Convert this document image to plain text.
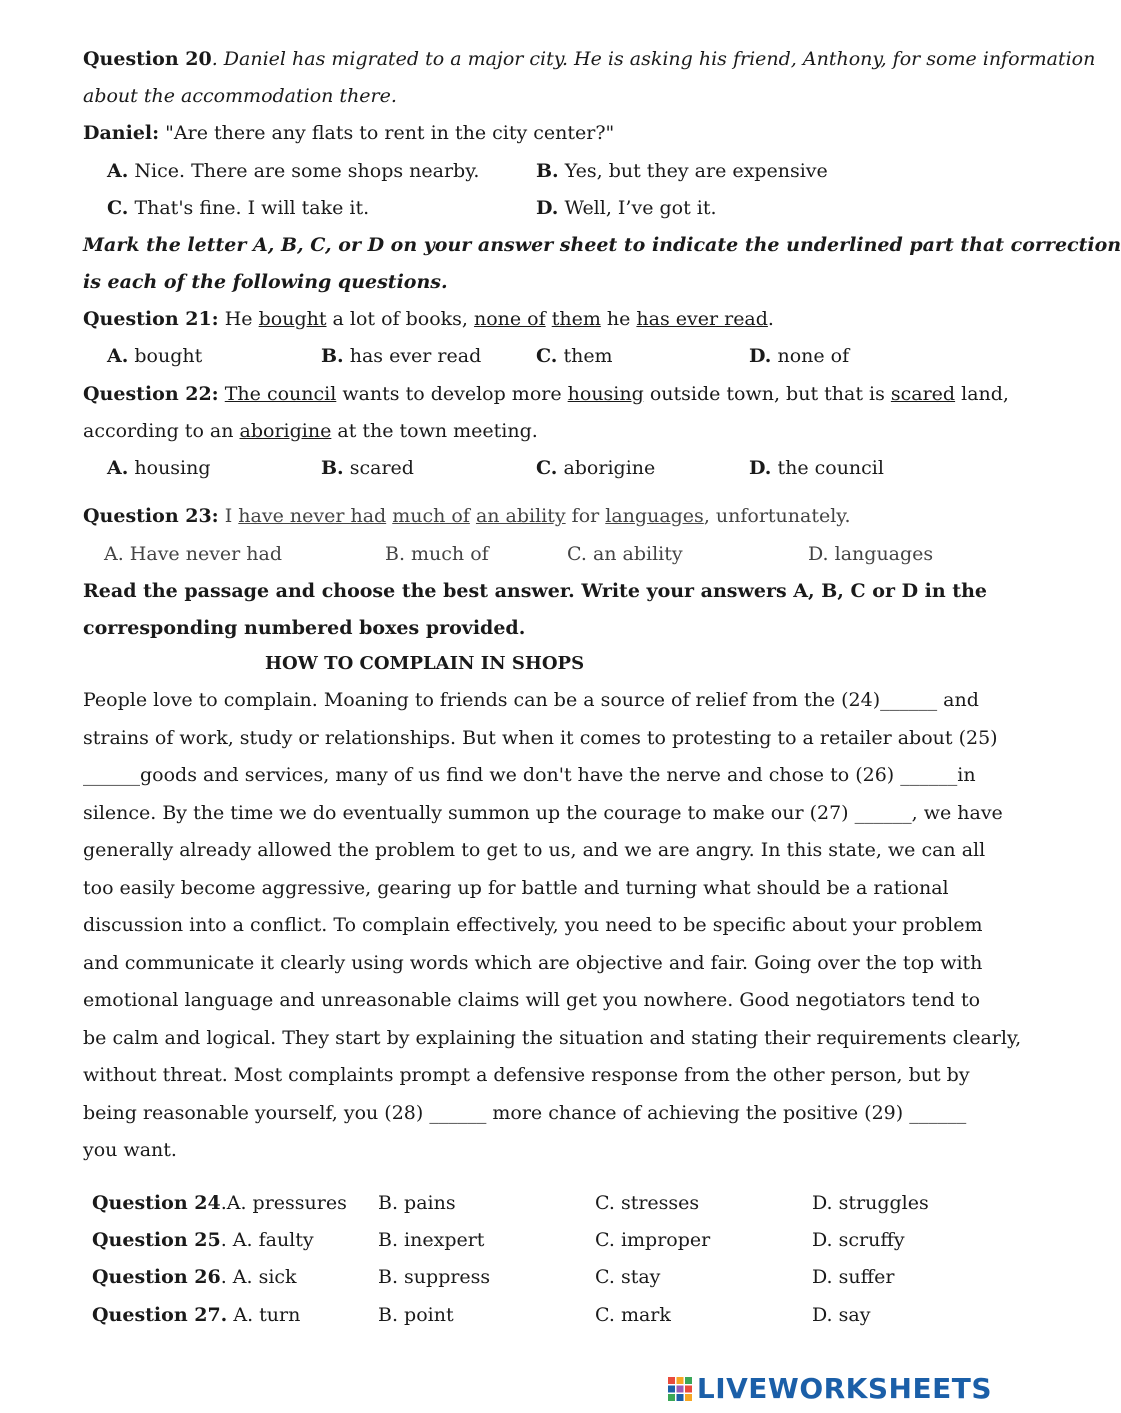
Question 20. Daniel has migrated to a major city. He is asking his friend, Anthony, for some information
about the accommodation there.
Daniel: "Are there any flats to rent in the city center?"
A. Nice. There are some shops nearby.	B. Yes, but they are expensive
C. That's fine. I will take it.	D. Well, I’ve got it.
Mark the letter A, B, C, or D on your answer sheet to indicate the underlined part that correction
is each of the following questions.
Question 21: He bought a lot of books, none of them he has ever read.
A. bought	B. has ever read	C. them	D. none of
Question 22: The council wants to develop more housing outside town, but that is scared land,
according to an aborigine at the town meeting.
A. housing	B. scared	C. aborigine	D. the council
Question 23: I have never had much of an ability for languages, unfortunately.
A. Have never had	B. much of	C. an ability	D. languages
Read the passage and choose the best answer. Write your answers A, B, C or D in the
corresponding numbered boxes provided.
HOW TO COMPLAIN IN SHOPS
People love to complain. Moaning to friends can be a source of relief from the (24)______ and
strains of work, study or relationships. But when it comes to protesting to a retailer about (25)
______goods and services, many of us find we don't have the nerve and chose to (26) ______in
silence. By the time we do eventually summon up the courage to make our (27) ______, we have
generally already allowed the problem to get to us, and we are angry. In this state, we can all
too easily become aggressive, gearing up for battle and turning what should be a rational
discussion into a conflict. To complain effectively, you need to be specific about your problem
and communicate it clearly using words which are objective and fair. Going over the top with
emotional language and unreasonable claims will get you nowhere. Good negotiators tend to
be calm and logical. They start by explaining the situation and stating their requirements clearly,
without threat. Most complaints prompt a defensive response from the other person, but by
being reasonable yourself, you (28) ______ more chance of achieving the positive (29) ______
you want.
Question 24.A. pressures B. pains	C. stresses	D. struggles
Question 25. A. faulty	B. inexpert	C. improper	D. scruffy
Question 26. A. sick	B. suppress	C. stay	D. suffer
Question 27. A. turn	B. point	C. mark	D. say
LIVEWORKSHEETS
